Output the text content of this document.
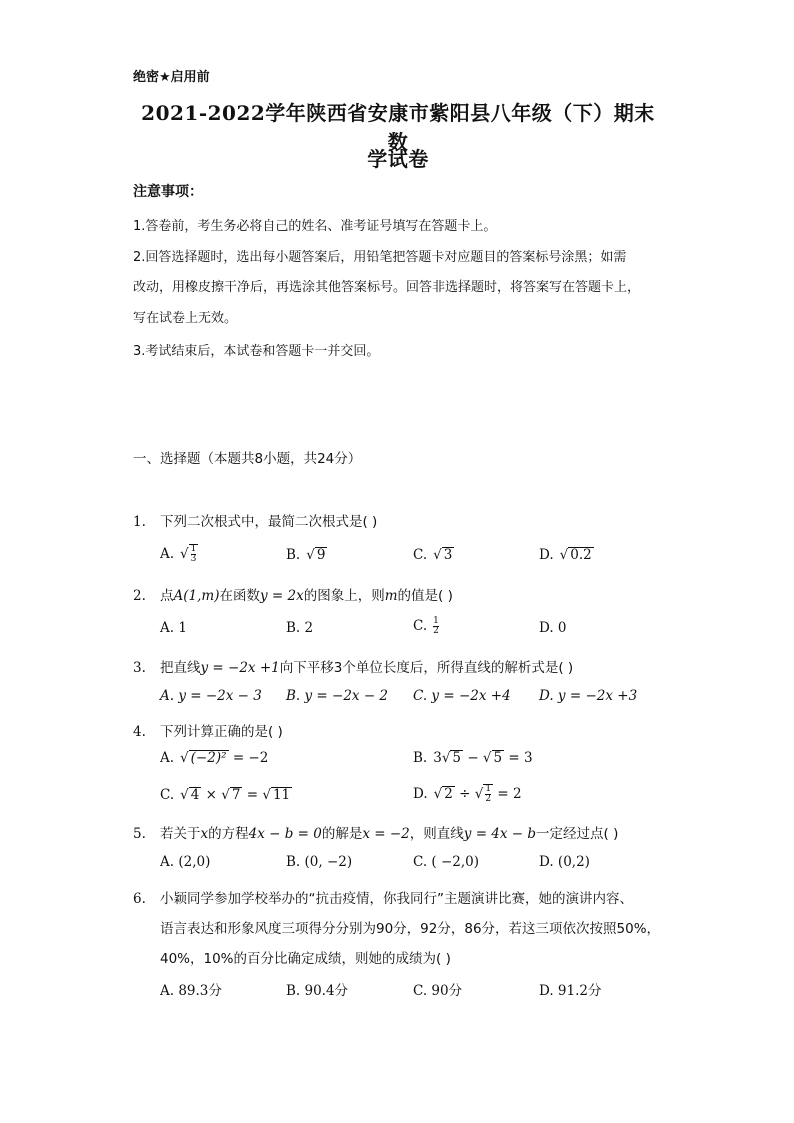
绝密★启用前
2021-2022学年陕西省安康市紫阳县八年级（下）期末数
学试卷
注意事项：
1.答卷前，考生务必将自己的姓名、准考证号填写在答题卡上。
2.回答选择题时，选出每小题答案后，用铅笔把答题卡对应题目的答案标号涂黑；如需
改动，用橡皮擦干净后，再选涂其他答案标号。回答非选择题时，将答案写在答题卡上，
写在试卷上无效。
3.考试结束后，本试卷和答题卡一并交回。
一、选择题（本题共8小题，共24分）
1. 下列二次根式中，最简二次根式是( )
A. √ $\frac{1}{3}$	B. √ 9	C. √ 3	D. √ 0.2
2. 点A(1,m)在函数y = 2x的图象上，则m的值是( )
A. 1	B. 2	C. $\frac{1}{2}$	D. 0
3. 把直线y = −2x +1向下平移3个单位长度后，所得直线的解析式是( )
A. y = −2x − 3 B. y = −2x − 2 C. y = −2x +4 D. y = −2x +3
4. 下列计算正确的是( )
A. √ (−2)² = −2	B. 3√ 5 − √ 5 = 3
C. √ 4 × √ 7 = √ 11	D. √ 2 ÷ √ $\frac{1}{2} = 2$
5. 若关于x的方程4x − b = 0的解是x = −2，则直线y = 4x − b一定经过点( )
A. (2,0)	B. (0, −2)	C. ( −2,0)	D. (0,2)
6. 小颖同学参加学校举办的“抗击疫情，你我同行”主题演讲比赛，她的演讲内容、
语言表达和形象风度三项得分分别为90分，92分，86分，若这三项依次按照50%，
40%，10%的百分比确定成绩，则她的成绩为( )
A. 89.3分	B. 90.4分	C. 90分	D. 91.2分
